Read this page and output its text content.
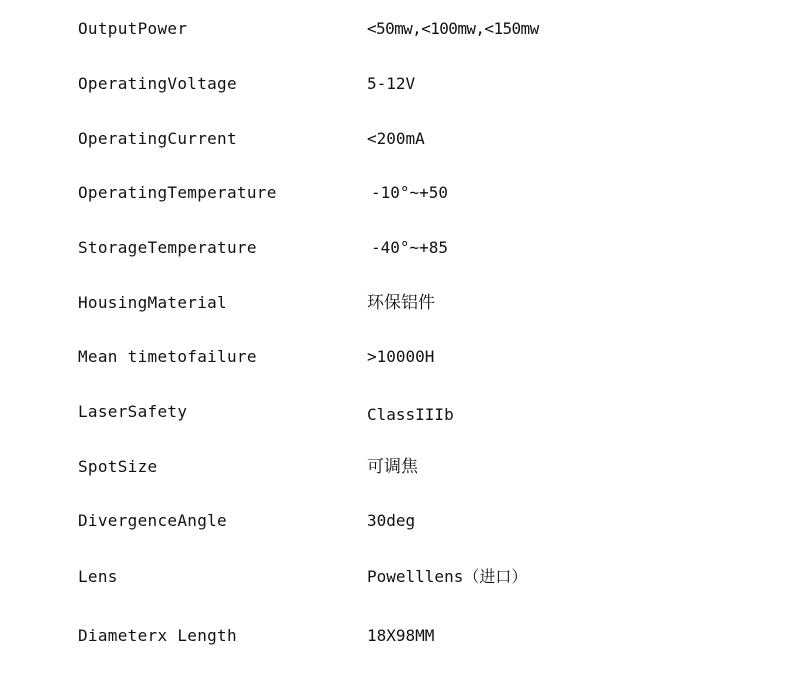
OutputPower	<50mw,<100mw,<150mw
OperatingVoltage	5-12V
OperatingCurrent	<200mA
OperatingTemperature	-10°~+50
StorageTemperature	-40°~+85
HousingMaterial	环保铝件
Mean timetofailure	>10000H
LaserSafety	ClassIIIb
SpotSize	可调焦
DivergenceAngle	30deg
Lens	Powelllens（进口）
Diameterx Length	18X98MM
